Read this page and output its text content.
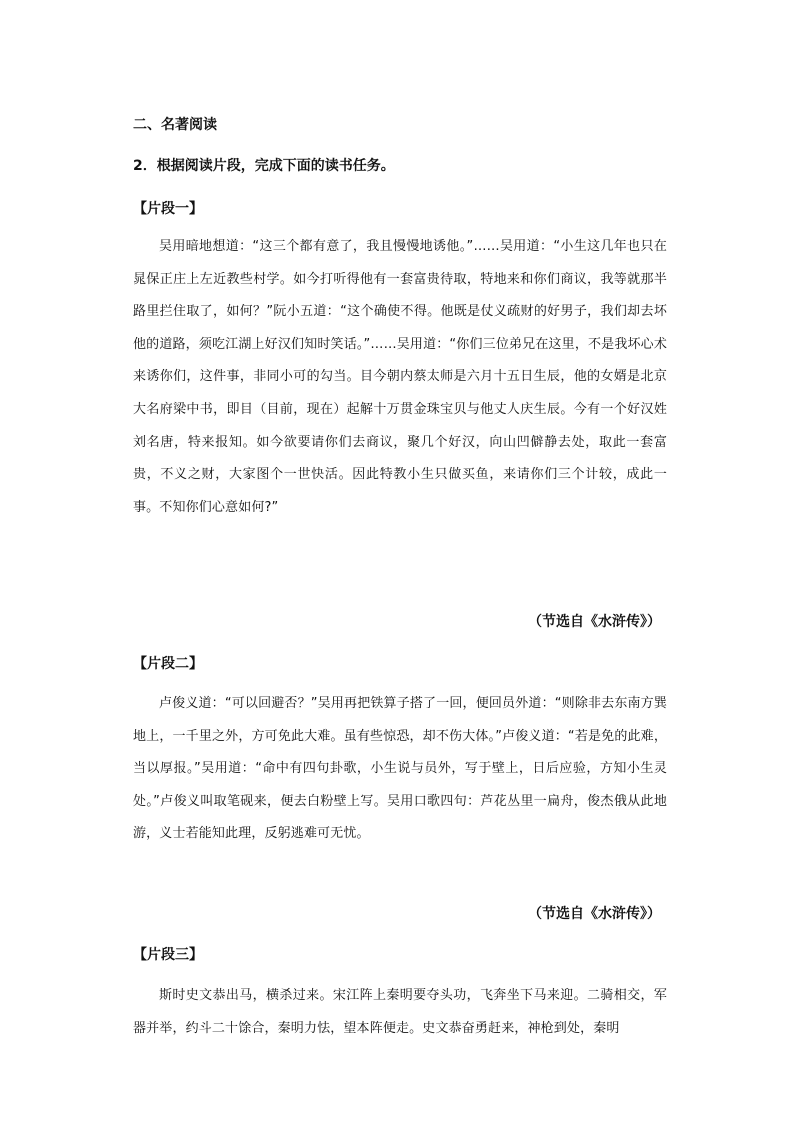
二、名著阅读
2．根据阅读片段，完成下面的读书任务。
【片段一】
吴用暗地想道：“这三个都有意了，我且慢慢地诱他。”……吴用道：“小生这几年也只在晁保正庄上左近教些村学。如今打听得他有一套富贵待取，特地来和你们商议，我等就那半路里拦住取了，如何？”阮小五道：“这个确使不得。他既是仗义疏财的好男子，我们却去坏他的道路，须吃江湖上好汉们知时笑话。”……吴用道：“你们三位弟兄在这里，不是我坏心术来诱你们，这件事，非同小可的勾当。目今朝内蔡太师是六月十五日生辰，他的女婿是北京大名府梁中书，即目（目前，现在）起解十万贯金珠宝贝与他丈人庆生辰。今有一个好汉姓刘名唐，特来报知。如今欲要请你们去商议，聚几个好汉，向山凹僻静去处，取此一套富贵，不义之财，大家图个一世快活。因此特教小生只做买鱼，来请你们三个计较，成此一事。不知你们心意如何?”
（节选自《水浒传》）
【片段二】
卢俊义道：“可以回避否？”吴用再把铁算子搭了一回，便回员外道：“则除非去东南方巽地上，一千里之外，方可免此大难。虽有些惊恐，却不伤大体。”卢俊义道：“若是免的此难，当以厚报。”吴用道：“命中有四句卦歌，小生说与员外，写于壁上，日后应验，方知小生灵处。”卢俊义叫取笔砚来，便去白粉壁上写。吴用口歌四句：芦花丛里一扁舟，俊杰俄从此地游，义士若能知此理，反躬逃难可无忧。
（节选自《水浒传》）
【片段三】
斯时史文恭出马，横杀过来。宋江阵上秦明要夺头功，飞奔坐下马来迎。二骑相交，军器并举，约斗二十馀合，秦明力怯，望本阵便走。史文恭奋勇赶来，神枪到处，秦明
